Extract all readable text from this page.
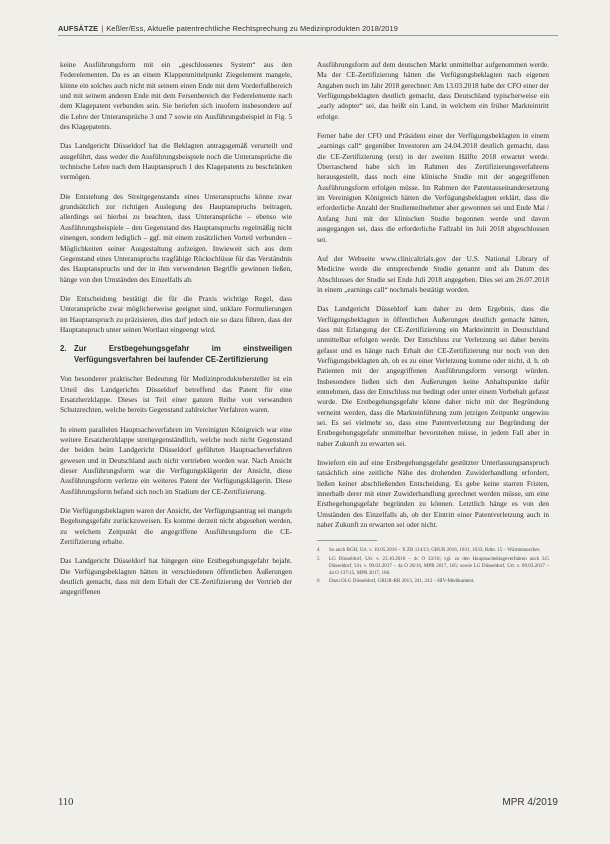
AUFSÄTZE | Keßler/Ess, Aktuelle patentrechtliche Rechtsprechung zu Medizinprodukten 2018/2019

keine Ausführungsform mit ein „geschlossenes System“ aus den Federelementen. Da es an einem Klappenmittelpunkt Ziegelement mangele, könne ein solches auch nicht mit seinem einen Ende mit dem Vorderfußbereich und mit seinem anderen Ende mit dem Fersenbereich der Federelemente nach dem Klagepatent verbunden sein. Sie beriefen sich insofern insbesondere auf die Lehre der Unteransprüche 3 und 7 sowie ein Ausführungsbeispiel in Fig. 5 des Klagepatents.

Das Landgericht Düsseldorf hat die Beklagten antragsgemäß verurteilt und ausgeführt, dass weder die Ausführungsbeispiele noch die Unteransprüche die technische Lehre nach dem Hauptanspruch 1 des Klagepatents zu beschränken vermögen.

Die Entstehung des Streitgegenstands eines Unteranspruchs könne zwar grundsätzlich zur richtigen Auslegung des Hauptanspruchs beitragen, allerdings sei hierbei zu beachten, dass Unteransprüche – ebenso wie Ausführungsbeispiele – den Gegenstand des Hauptanspruchs regelmäßig nicht einengen, sondern lediglich – ggf. mit einem zusätzlichen Vorteil verbunden – Möglichkeiten seiner Ausgestaltung aufzeigen. Inwieweit sich aus dem Gegenstand eines Unteranspruchs tragfähige Rückschlüsse für das Verständnis des Hauptanspruchs und der in ihm verwendeten Begriffe gewinnen ließen, hänge von den Umständen des Einzelfalls ab.

Die Entscheidung bestätigt die für die Praxis wichtige Regel, dass Unteransprüche zwar möglicherweise geeignet sind, unklare Formulierungen im Hauptanspruch zu präzisieren, dies darf jedoch nie so dazu führen, dass der Hauptanspruch unter seinen Wortlaut eingeengt wird.

2. Zur Erstbegehungsgefahr im einstweiligen Verfügungsverfahren bei laufender CE-Zertifizierung

Von besonderer praktischer Bedeutung für Medizinproduktehersteller ist ein Urteil des Landgerichts Düsseldorf betreffend das Patent für eine Ersatzherzklappe. Dieses ist Teil einer ganzen Reihe von verwandten Schutzrechten, welche bereits Gegenstand zahlreicher Verfahren waren.

In einem parallelen Hauptsacheverfahren im Vereinigten Königreich war eine weitere Ersatzherzklappe streitgegenständlich, welche noch nicht Gegenstand der beiden beim Landgericht Düsseldorf geführten Hauptsacheverfahren gewesen und in Deutschland auch nicht vertrieben worden war. Nach Ansicht dieser Ausführungsform war die Verfügungsklägerin der Ansicht, diese Ausführungsform verletze ein weiteres Patent der Verfügungsklägerin. Diese Ausführungsform befand sich noch im Stadium der CE-Zertifizierung.

Die Verfügungsbeklagten waren der Ansicht, der Verfügungsantrag sei mangels Begehungsgefahr zurückzuweisen. Es komme derzeit nicht abgesehen werden, zu welchem Zeitpunkt die angegriffene Ausführungsform die CE-Zertifizierung erhalte.

Das Landgericht Düsseldorf hat hingegen eine Erstbegehungsgefahr bejaht. Die Verfügungsbeklagten hätten in verschiedenen öffentlichen Äußerungen deutlich gemacht, dass mit dem Erhalt der CE-Zertifizierung der Vertrieb der angegriffenen

Ausführungsform auf dem deutschen Markt unmittelbar aufgenommen werde. Ma der CE-Zertifizierung hätten die Verfügungsbeklagten nach eigenen Angaben noch im Jahr 2018 gerechnet: Am 13.03.2018 habe der CFO einer der Verfügungsbeklagten deutlich gemacht, dass Deutschland typischerweise ein „early adopter“ sei, das heißt ein Land, in welchem ein früher Markteintritt erfolge.

Ferner habe der CFO und Präsident einer der Verfügungsbeklagten in einem „earnings call“ gegenüber Investoren am 24.04.2018 deutlich gemacht, dass die CE-Zertifizierung (erst) in der zweiten Hälfte 2018 erwartet werde. Überraschend habe sich im Rahmen des Zertifizierungsverfahrens herausgestellt, dass noch eine klinische Studie mit der angegriffenen Ausführungsform erfolgen müsse. Im Rahmen der Patentauseinandersetzung im Vereinigten Königreich hätten die Verfügungsbeklagten erklärt, dass die erforderliche Anzahl der Studienteilnehmer aber gewonnen sei und Ende Mai / Anfang Juni mit der klinischen Studie begonnen werde und davon ausgegangen sei, dass die erforderliche Fallzahl im Juli 2018 abgeschlossen sei.

Auf der Webseite www.clinicaltrials.gov der U.S. National Library of Medicine werde die entsprechende Studie genannt und als Datum des Abschlusses der Studie sei Ende Juli 2018 angegeben. Dies sei am 26.07.2018 in einem „earnings call“ nochmals bestätigt worden.

Das Landgericht Düsseldorf kam daher zu dem Ergebnis, dass die Verfügungsbeklagten in öffentlichen Äußerungen deutlich gemacht hätten, dass mit Erlangung der CE-Zertifizierung ein Markteintritt in Deutschland unmittelbar erfolgen werde. Der Entschluss zur Verletzung sei daher bereits gefasst und es hänge nach Erhalt der CE-Zertifizierung nur noch von den Verfügungsbeklagten ab, ob es zu einer Verletzung komme oder nicht, d. h. ob Patienten mit der angegriffenen Ausführungsform versorgt würden. Insbesondere ließen sich den Äußerungen keine Anhaltspunkte dafür entnehmen, dass der Entschluss nur bedingt oder unter einem Vorbehalt gefasst wurde. Die Erstbegehungsgefahr könne daher nicht mit der Begründung verneint werden, dass die Markteinführung zum jetzigen Zeitpunkt ungewiss sei. Es sei vielmehr so, dass eine Patentverletzung zur Begründung der Erstbegehungsgefahr unmittelbar bevorstehen müsse, in jedem Fall aber in naher Zukunft zu erwarten sei.

Inwiefern ein auf eine Erstbegehungsgefahr gestützter Unterlassungsanspruch tatsächlich eine zeitliche Nähe des drohenden Zuwiderhandlung erfordert, ließen keiner abschließenden Entscheidung. Es gebe keine starren Fristen, innerhalb derer mit einer Zuwiderhandlung gerechnet werden müsse, um eine Erstbegehungsgefahr begründen zu können. Letztlich hänge es von den Umständen des Einzelfalls ab, ob der Eintritt einer Patentverletzung auch in naher Zukunft zu erwarten sei oder nicht.

4	So auch BGH, Urt. v. 10.05.2016 – X ZR 114/13, GRUR 2016, 1031, 1033, Rdnr. 15 – Wärmetauscher.
5	LG Düsseldorf, Urt. v. 23.10.2018 – 4c O 33/18; vgl. zu den Hauptsacheklageverfahren auch LG Düsseldorf, Urt. v. 09.03.2017 – 4a O 28/16, MPR 2017, 165; sowie LG Düsseldorf, Urt. v. 09.03.2017 – 4a O 137/15, MPR 2017, 166.
6	Dazu OLG Düsseldorf, GRUR-RR 2013, 241, 243 – HIV-Medikament.
110	MPR 4/2019
